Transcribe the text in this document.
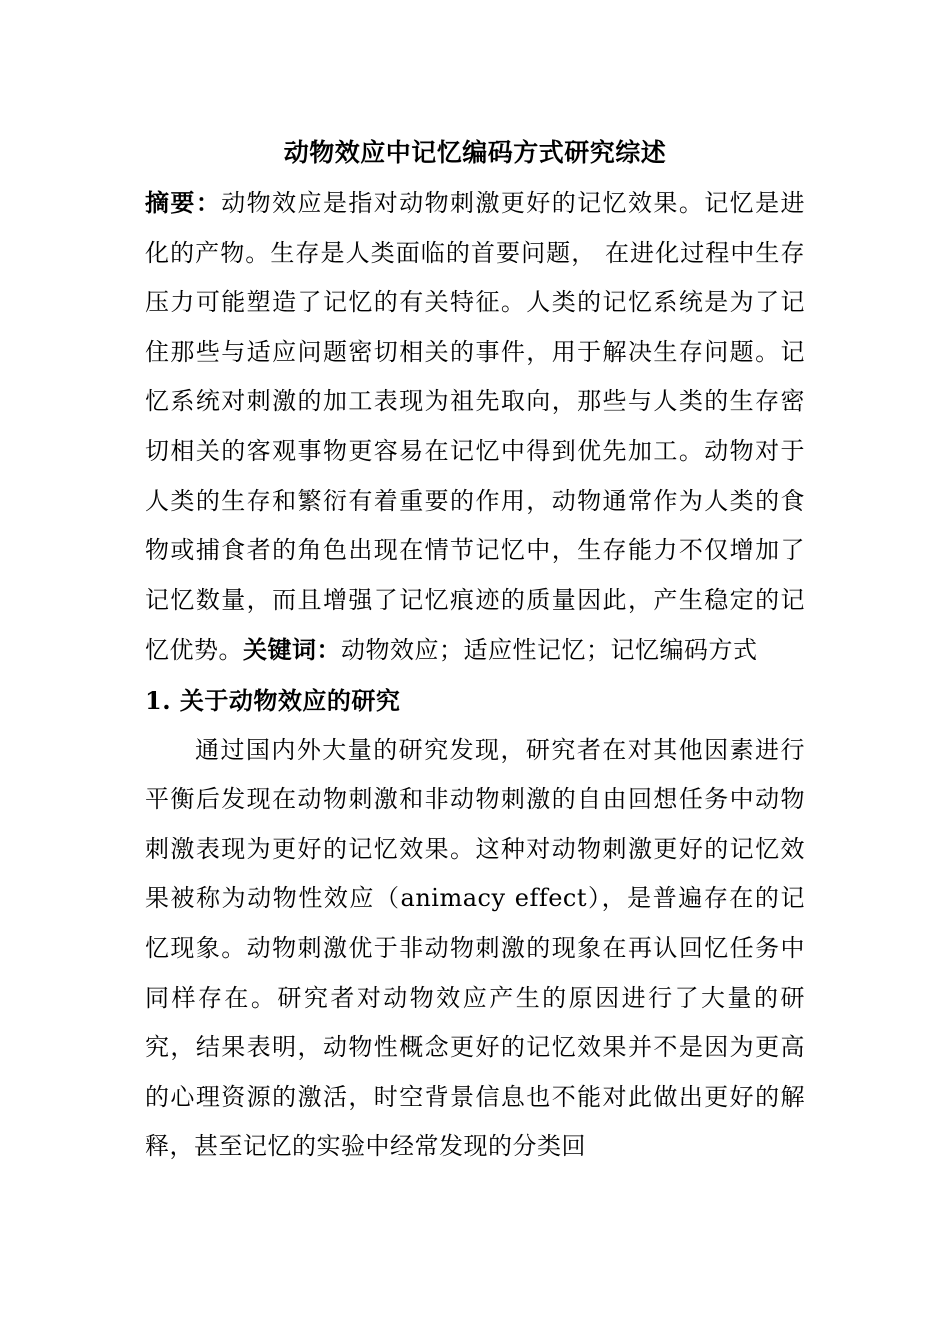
动物效应中记忆编码方式研究综述

摘要：动物效应是指对动物刺激更好的记忆效果。记忆是进化的产物。生存是人类面临的首要问题， 在进化过程中生存压力可能塑造了记忆的有关特征。人类的记忆系统是为了记住那些与适应问题密切相关的事件，用于解决生存问题。记忆系统对刺激的加工表现为祖先取向，那些与人类的生存密切相关的客观事物更容易在记忆中得到优先加工。动物对于人类的生存和繁衍有着重要的作用，动物通常作为人类的食物或捕食者的角色出现在情节记忆中，生存能力不仅增加了记忆数量，而且增强了记忆痕迹的质量因此，产生稳定的记忆优势。关键词：动物效应；适应性记忆；记忆编码方式

1. 关于动物效应的研究

通过国内外大量的研究发现，研究者在对其他因素进行平衡后发现在动物刺激和非动物刺激的自由回想任务中动物刺激表现为更好的记忆效果。这种对动物刺激更好的记忆效果被称为动物性效应（animacy effect），是普遍存在的记忆现象。动物刺激优于非动物刺激的现象在再认回忆任务中同样存在。研究者对动物效应产生的原因进行了大量的研究，结果表明，动物性概念更好的记忆效果并不是因为更高的心理资源的激活，时空背景信息也不能对此做出更好的解释，甚至记忆的实验中经常发现的分类回
